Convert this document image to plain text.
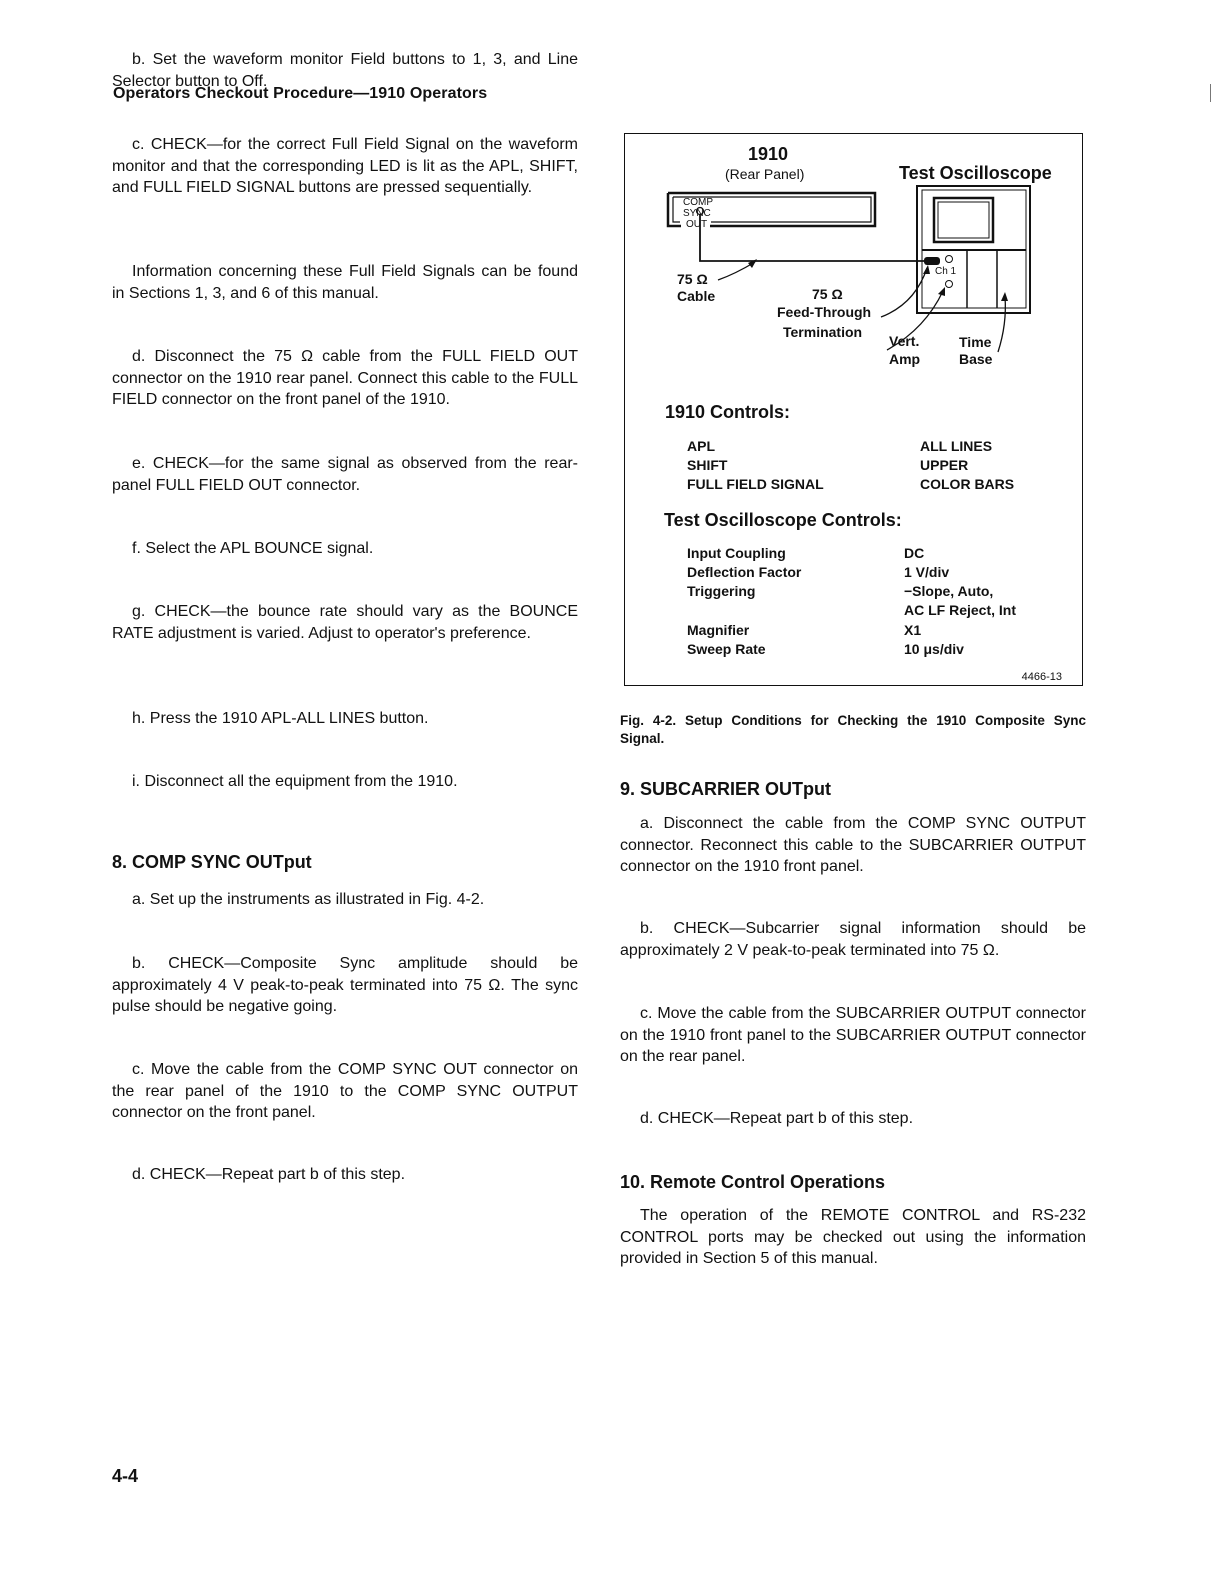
Operators Checkout Procedure—1910 Operators

b. Set the waveform monitor Field buttons to 1, 3, and Line Selector button to Off.

c. CHECK—for the correct Full Field Signal on the waveform monitor and that the corresponding LED is lit as the APL, SHIFT, and FULL FIELD SIGNAL buttons are pressed sequentially.

Information concerning these Full Field Signals can be found in Sections 1, 3, and 6 of this manual.

d. Disconnect the 75 Ω cable from the FULL FIELD OUT connector on the 1910 rear panel. Connect this cable to the FULL FIELD connector on the front panel of the 1910.

e. CHECK—for the same signal as observed from the rear-panel FULL FIELD OUT connector.

f. Select the APL BOUNCE signal.

g. CHECK—the bounce rate should vary as the BOUNCE RATE adjustment is varied. Adjust to operator's preference.

h. Press the 1910 APL-ALL LINES button.

i. Disconnect all the equipment from the 1910.

8. COMP SYNC OUTput

a. Set up the instruments as illustrated in Fig. 4-2.

b. CHECK—Composite Sync amplitude should be approximately 4 V peak-to-peak terminated into 75 Ω. The sync pulse should be negative going.

c. Move the cable from the COMP SYNC OUT connector on the rear panel of the 1910 to the COMP SYNC OUTPUT connector on the front panel.

d. CHECK—Repeat part b of this step.

1910
(Rear Panel)	Test Oscilloscope
COMP
SYNC
OUT
Ch 1
75 Ω
Cable	75 Ω
Feed-Through
Termination
Vert.
Amp
Time
Base
1910 Controls:
APL	ALL LINES
SHIFT	UPPER
FULL FIELD SIGNAL	COLOR BARS
Test Oscilloscope Controls:
Input Coupling	DC
Deflection Factor	1 V/div
Triggering	−Slope, Auto,
AC LF Reject, Int
Magnifier	X1
Sweep Rate	10 μs/div
4466-13

Fig. 4-2. Setup Conditions for Checking the 1910 Composite Sync Signal.

9. SUBCARRIER OUTput

a. Disconnect the cable from the COMP SYNC OUTPUT connector. Reconnect this cable to the SUBCARRIER OUTPUT connector on the 1910 front panel.

b. CHECK—Subcarrier signal information should be approximately 2 V peak-to-peak terminated into 75 Ω.

c. Move the cable from the SUBCARRIER OUTPUT connector on the 1910 front panel to the SUBCARRIER OUTPUT connector on the rear panel.

d. CHECK—Repeat part b of this step.

10. Remote Control Operations

The operation of the REMOTE CONTROL and RS-232 CONTROL ports may be checked out using the information provided in Section 5 of this manual.

4-4
